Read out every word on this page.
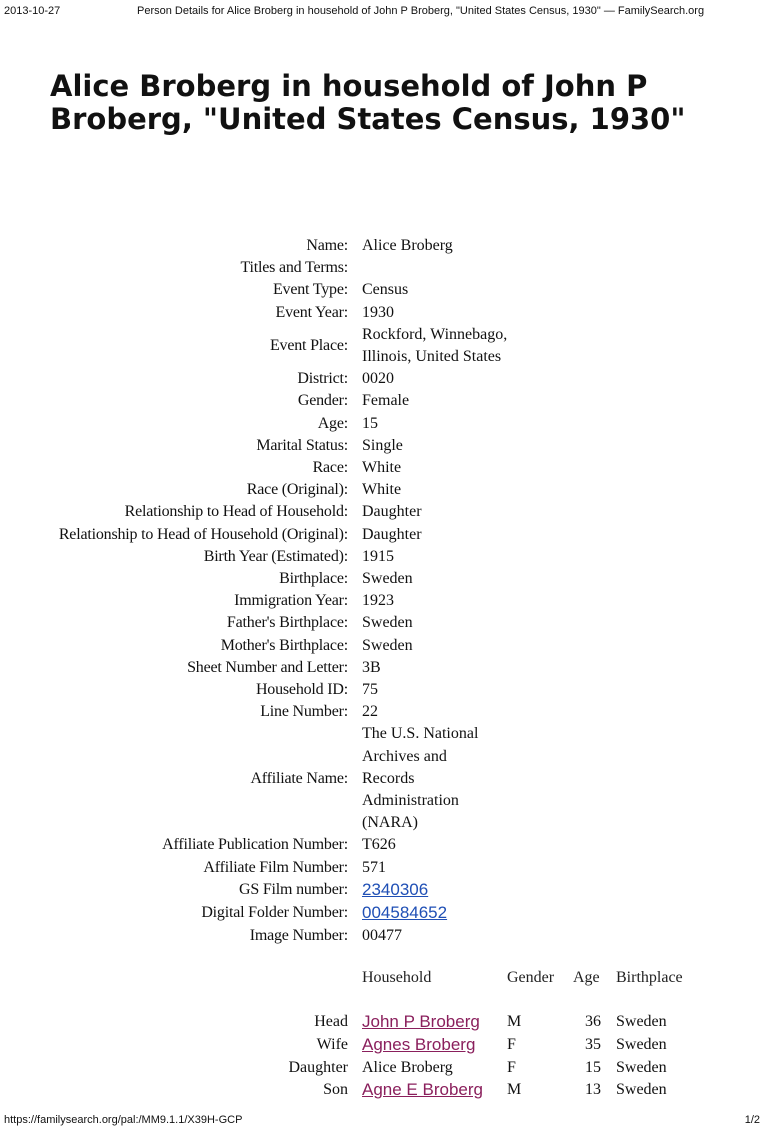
2013-10-27	Person Details for Alice Broberg in household of John P Broberg, "United States Census, 1930" — FamilySearch.org
Alice Broberg in household of John P Broberg, "United States Census, 1930"
Name: Alice Broberg
Titles and Terms:
Event Type: Census
Event Year: 1930
Event Place:
Rockford, Winnebago, Illinois, United States
District: 0020
Gender: Female
Age: 15
Marital Status: Single
Race: White
Race (Original): White
Relationship to Head of Household: Daughter
Relationship to Head of Household (Original): Daughter
Birth Year (Estimated): 1915
Birthplace: Sweden
Immigration Year: 1923
Father's Birthplace: Sweden
Mother's Birthplace: Sweden
Sheet Number and Letter: 3B
Household ID: 75
Line Number: 22
Affiliate Name:
The U.S. National Archives and Records Administration (NARA)
Affiliate Publication Number: T626
Affiliate Film Number: 571
GS Film number: 2340306
Digital Folder Number: 004584652
Image Number: 00477
Household	Gender	Age	Birthplace
Head John P Broberg	M	36 Sweden
Wife Agnes Broberg	F	35 Sweden
Daughter Alice Broberg	F	15 Sweden
Son Agne E Broberg	M	13 Sweden
https://familysearch.org/pal:/MM9.1.1/X39H-GCP	1/2
